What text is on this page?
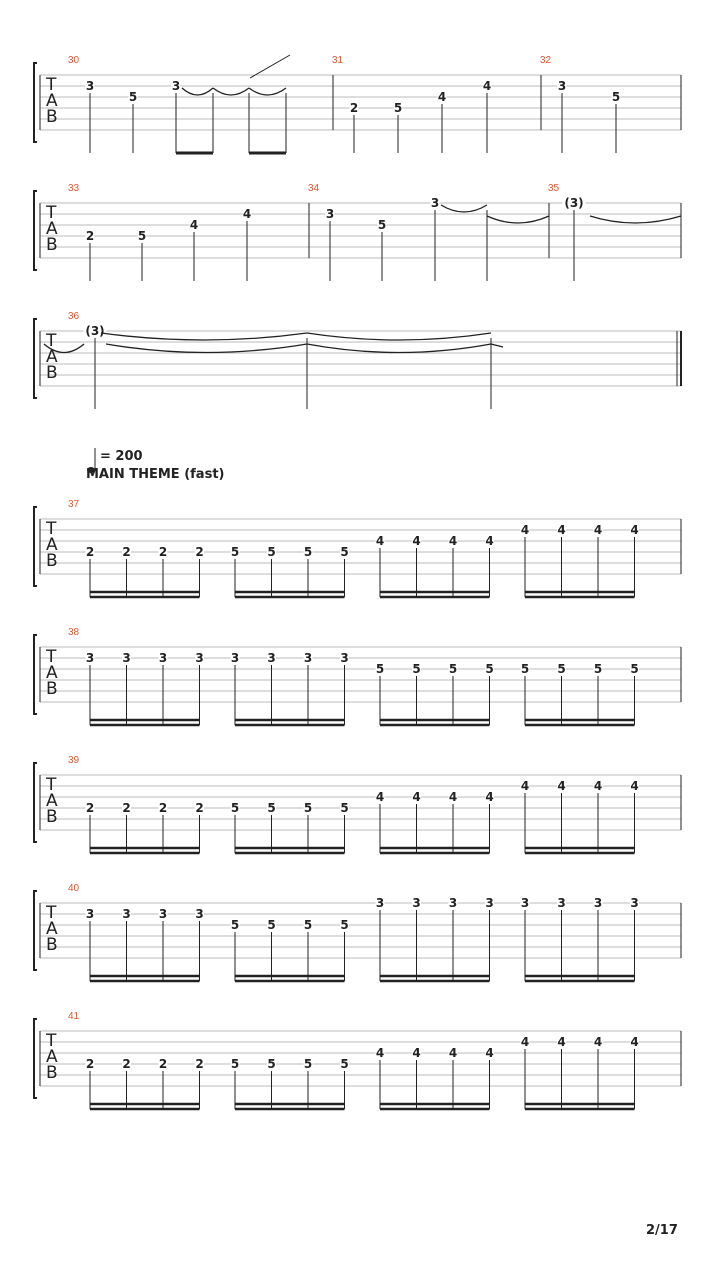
T
A
B
30
3
5
3
31
2	5
4
4
32
3
5
T
A
B
33
2	5
4
4
34
3
5
3
35
(3)
T
A
B
36
(3)
T
A
B
37
2 2 2 2 5 5 5 5
4 4 4 4
4 4 4 4
T
A
B
38
3 3 3 3 3 3 3 3
5 5 5 5 5 5 5 5
T
A
B
39
2 2 2 2 5 5 5 5
4 4 4 4
4 4 4 4
T
A
B
40
3 3 3 3
5 5 5 5
3 3 3 3 3 3 3 3
T
A
B
41
2 2 2 2 5 5 5 5
4 4 4 4
4 4 4 4
= 200
MAIN THEME (fast)
2/17
